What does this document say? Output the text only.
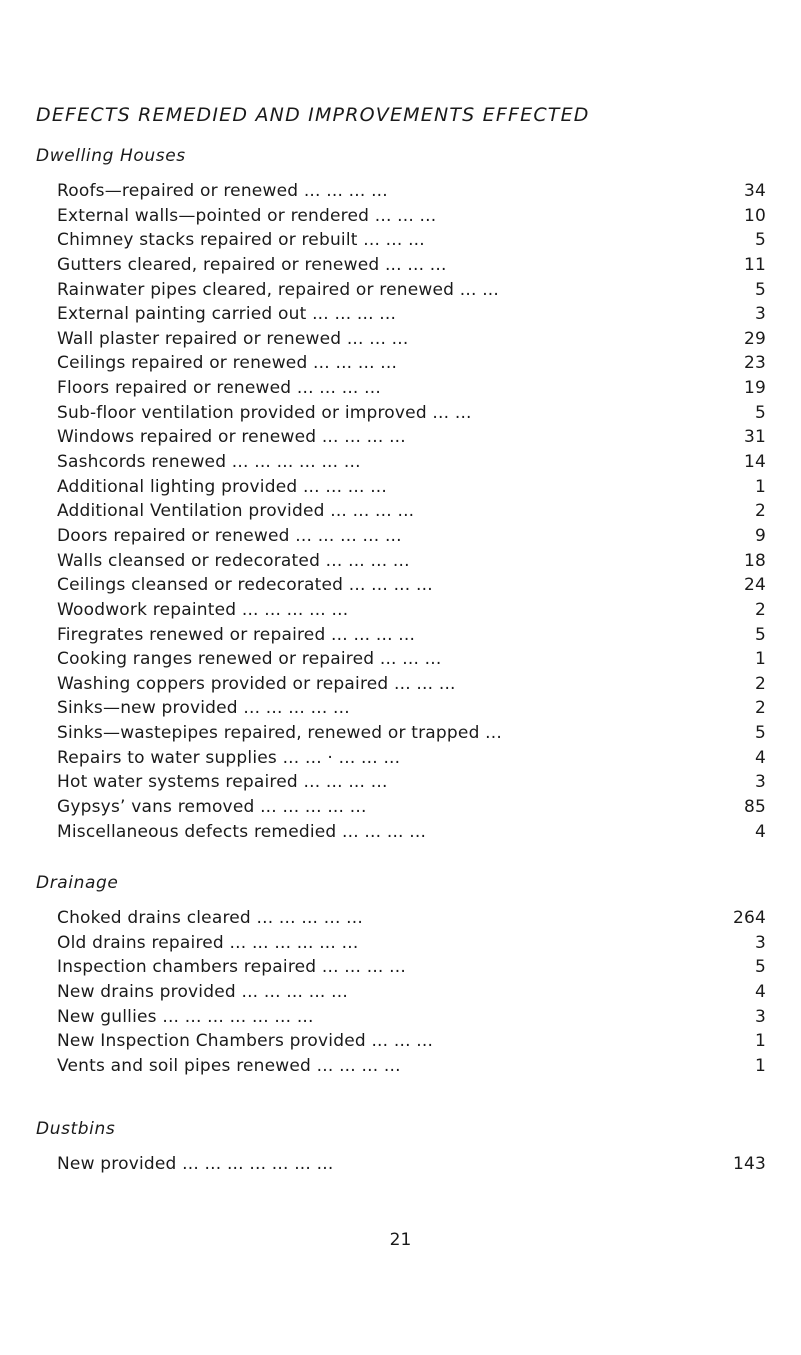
DEFECTS REMEDIED AND IMPROVEMENTS EFFECTED
Dwelling Houses
Roofs—repaired or renewed ... ... ... ...	34
External walls—pointed or rendered ... ... ...	10
Chimney stacks repaired or rebuilt ... ... ...	5
Gutters cleared, repaired or renewed ... ... ...	11
Rainwater pipes cleared, repaired or renewed ... ...	5
External painting carried out ... ... ... ...	3
Wall plaster repaired or renewed ... ... ...	29
Ceilings repaired or renewed ... ... ... ...	23
Floors repaired or renewed ... ... ... ...	19
Sub-floor ventilation provided or improved ... ...	5
Windows repaired or renewed ... ... ... ...	31
Sashcords renewed ... ... ... ... ... ...	14
Additional lighting provided ... ... ... ...	1
Additional Ventilation provided ... ... ... ...	2
Doors repaired or renewed ... ... ... ... ...	9
Walls cleansed or redecorated ... ... ... ...	18
Ceilings cleansed or redecorated ... ... ... ...	24
Woodwork repainted ... ... ... ... ...	2
Firegrates renewed or repaired ... ... ... ...	5
Cooking ranges renewed or repaired ... ... ...	1
Washing coppers provided or repaired ... ... ...	2
Sinks—new provided ... ... ... ... ...	2
Sinks—wastepipes repaired, renewed or trapped ...	5
Repairs to water supplies ... ... · ... ... ...	4
Hot water systems repaired ... ... ... ...	3
Gypsys’ vans removed ... ... ... ... ...	85
Miscellaneous defects remedied ... ... ... ...	4
Drainage
Choked drains cleared ... ... ... ... ...	264
Old drains repaired ... ... ... ... ... ...	3
Inspection chambers repaired ... ... ... ...	5
New drains provided ... ... ... ... ...	4
New gullies ... ... ... ... ... ... ...	3
New Inspection Chambers provided ... ... ...	1
Vents and soil pipes renewed ... ... ... ...	1
Dustbins
New provided ... ... ... ... ... ... ...	143
21
